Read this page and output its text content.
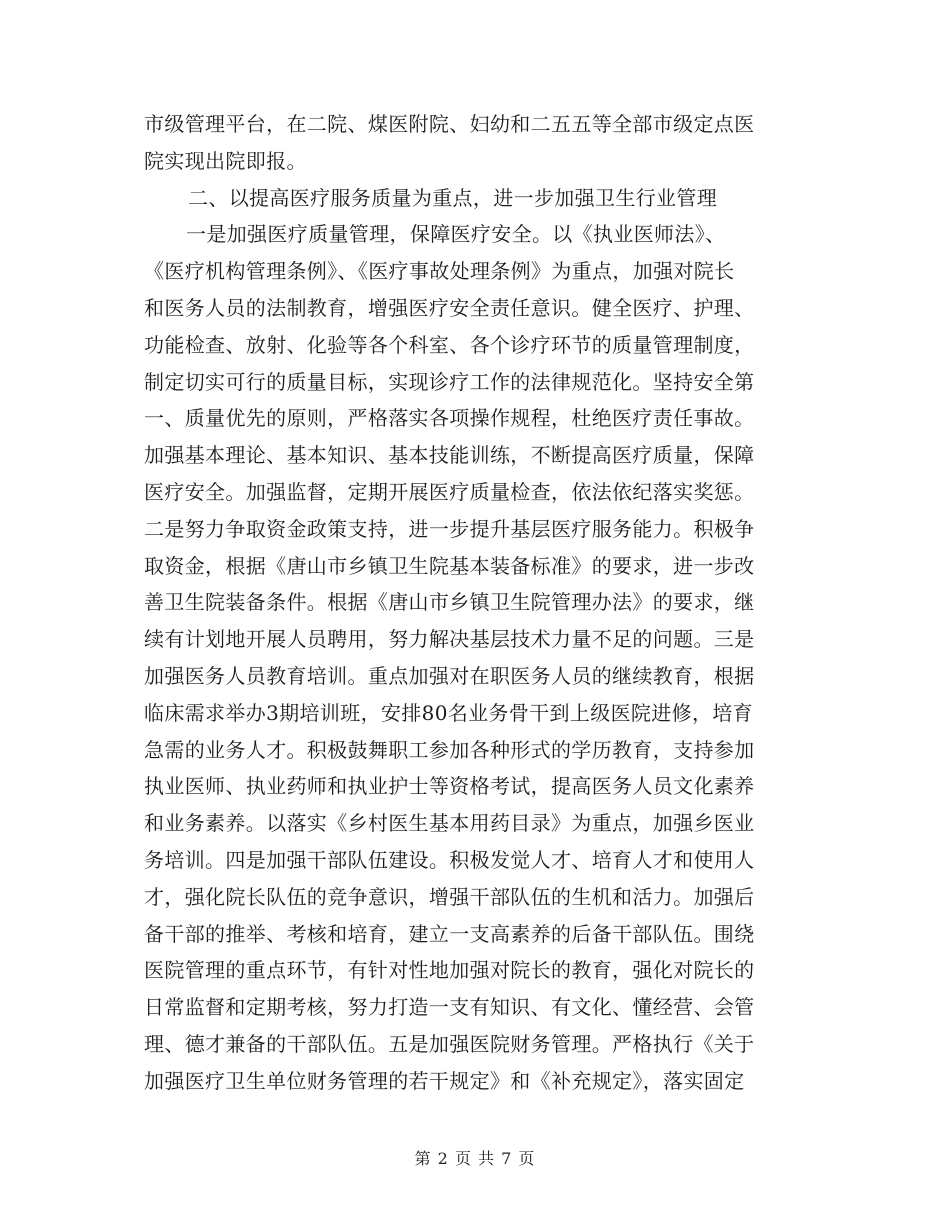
市级管理平台，在二院、煤医附院、妇幼和二五五等全部市级定点医
院实现出院即报。
二、以提高医疗服务质量为重点，进一步加强卫生行业管理
一是加强医疗质量管理，保障医疗安全。以《执业医师法》、
《医疗机构管理条例》、《医疗事故处理条例》为重点，加强对院长
和医务人员的法制教育，增强医疗安全责任意识。健全医疗、护理、
功能检查、放射、化验等各个科室、各个诊疗环节的质量管理制度，
制定切实可行的质量目标，实现诊疗工作的法律规范化。坚持安全第
一、质量优先的原则，严格落实各项操作规程，杜绝医疗责任事故。
加强基本理论、基本知识、基本技能训练，不断提高医疗质量，保障
医疗安全。加强监督，定期开展医疗质量检查，依法依纪落实奖惩。
二是努力争取资金政策支持，进一步提升基层医疗服务能力。积极争
取资金，根据《唐山市乡镇卫生院基本装备标准》的要求，进一步改
善卫生院装备条件。根据《唐山市乡镇卫生院管理办法》的要求，继
续有计划地开展人员聘用，努力解决基层技术力量不足的问题。三是
加强医务人员教育培训。重点加强对在职医务人员的继续教育，根据
临床需求举办3期培训班，安排80名业务骨干到上级医院进修，培育
急需的业务人才。积极鼓舞职工参加各种形式的学历教育，支持参加
执业医师、执业药师和执业护士等资格考试，提高医务人员文化素养
和业务素养。以落实《乡村医生基本用药目录》为重点，加强乡医业
务培训。四是加强干部队伍建设。积极发觉人才、培育人才和使用人
才，强化院长队伍的竞争意识，增强干部队伍的生机和活力。加强后
备干部的推举、考核和培育，建立一支高素养的后备干部队伍。围绕
医院管理的重点环节，有针对性地加强对院长的教育，强化对院长的
日常监督和定期考核，努力打造一支有知识、有文化、懂经营、会管
理、德才兼备的干部队伍。五是加强医院财务管理。严格执行《关于
加强医疗卫生单位财务管理的若干规定》和《补充规定》，落实固定
第 2 页 共 7 页
